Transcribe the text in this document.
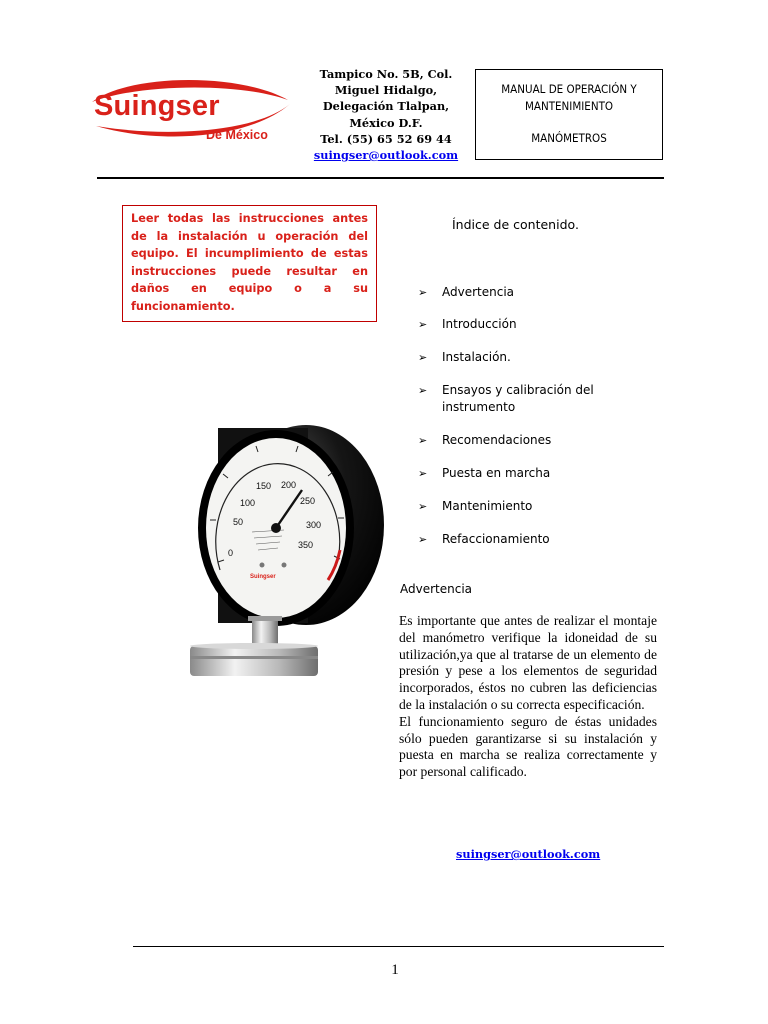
Suingser
De México
Tampico No. 5B, Col.
Miguel Hidalgo,
Delegación Tlalpan,
México D.F.
Tel. (55) 65 52 69 44
suingser@outlook.com
MANUAL DE OPERACIÓN Y
MANTENIMIENTO
MANÓMETROS
Leer todas las instrucciones antes de la instalación u operación del equipo. El incumplimiento de estas instrucciones puede resultar en daños en equipo o a su funcionamiento.
Índice de contenido.
➢ Advertencia
➢ Introducción
➢ Instalación.
➢ Ensayos y calibración del instrumento
➢ Recomendaciones
➢ Puesta en marcha
➢ Mantenimiento
➢ Refaccionamiento
0
50
100
150 200
250
300
350
Suingser
Advertencia

Es importante que antes de realizar el montaje del manómetro verifique la idoneidad de su utilización,ya que al tratarse de un elemento de presión y pese a los elementos de seguridad incorporados, éstos no cubren las deficiencias de la instalación o su correcta especificación.

El funcionamiento seguro de éstas unidades sólo pueden garantizarse si su instalación y puesta en marcha se realiza correctamente y por personal calificado.

suingser@outlook.com
1
